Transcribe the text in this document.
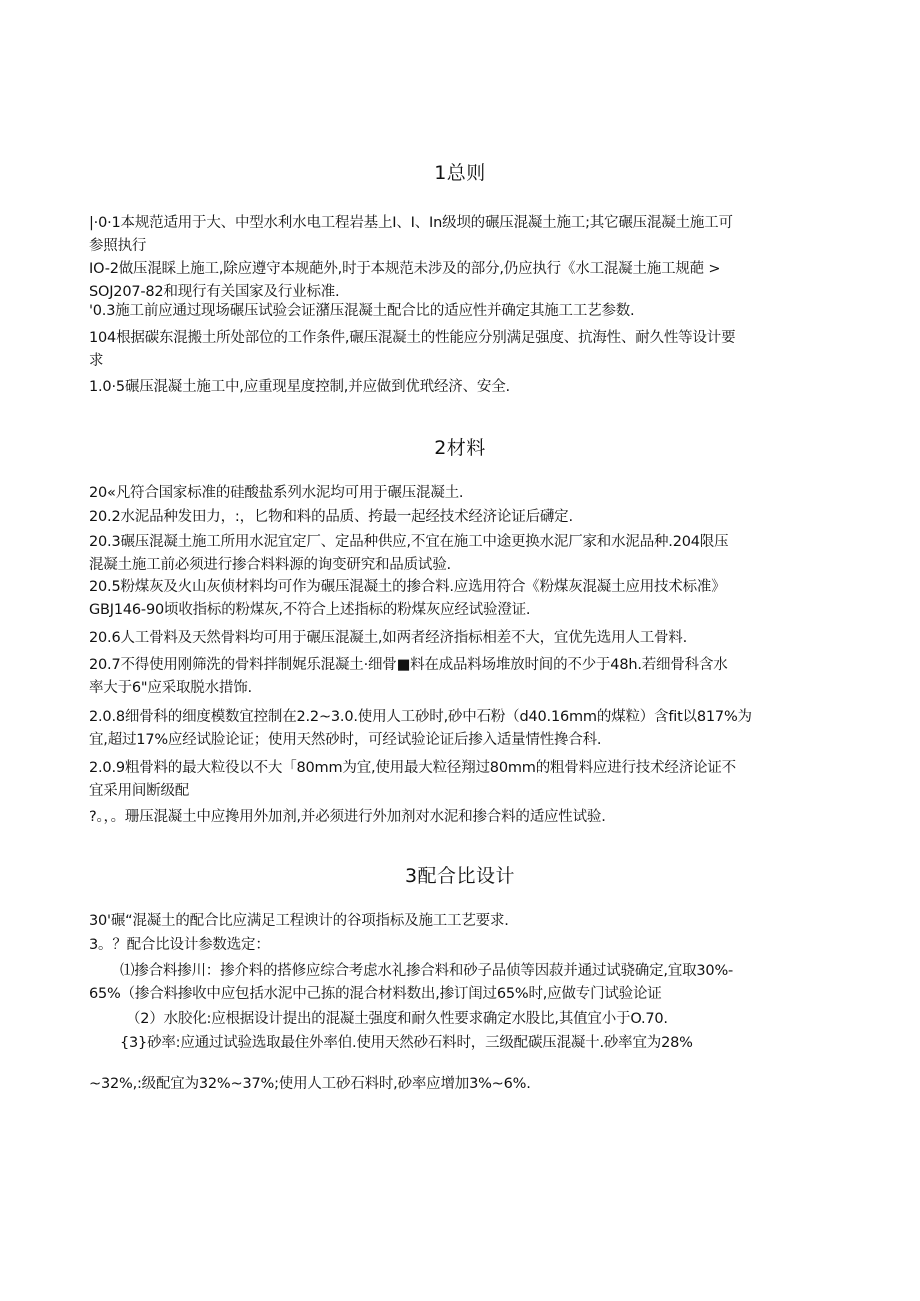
1总则
|·0·1本规范适用于大、中型水利水电工程岩基上I、I、In级坝的碾压混凝土施工;其它碾压混凝土施工可
参照执行
IO-2做压混睬上施工,除应遵守本规葩外,时于本规范未涉及的部分,仍应执行《水工混凝土施工规葩 >
SOJ207-82和现行有关国家及行业标准.
'0.3施工前应通过现场碾压试验会证潴压混凝土配合比的适应性并确定其施工工艺参数.
104根据碳东混搬土所处部位的工作条件,碾压混凝土的性能应分别满足强度、抗海性、耐久性等设计要
求
1.0·5碾压混凝土施工中,应重现星度控制,并应做到优玳经济、安全.
2材料
20«凡符合国家标准的硅酸盐系列水泥均可用于碾压混凝土.
20.2水泥品种发田力，:，匕物和料的品质、挎最一起经技术经济论证后礴定.
20.3碾压混凝土施工所用水泥宜定厂、定品种供应,不宜在施工中途更换水泥厂家和水泥品种.204限压
混凝土施工前必须进行掺合料料源的询变研究和品质试验.
20.5粉煤灰及火山灰侦材料均可作为碾压混凝土的掺合料.应选用符合《粉煤灰混凝土应用技术标准》
GBJ146-90顷收指标的粉煤灰,不符合上述指标的粉煤灰应经试验澄证.
20.6人工骨料及天然骨料均可用于碾压混凝土,如两者经济指标相差不大，宜优先选用人工骨料.
20.7不得使用刚筛洗的骨料拌制娓乐混凝土·细骨■料在成品料场堆放时间的不少于48h.若细骨科含水
率大于6"应采取脱水措饰.
2.0.8细骨科的细度模数宜控制在2.2~3.0.使用人工砂时,砂中石粉（d40.16mm的煤粒）含fit以817%为
宜,超过17%应经试脸论证；使用天然砂时，可经试验论证后掺入适量情性搀合科.
2.0.9粗骨料的最大粒役以不大「80mm为宜,使用最大粒径翔过80mm的粗骨料应进行技术经济论证不
宜采用间断级配
?。，。珊压混凝土中应搀用外加剂,并必须进行外加剂对水泥和掺合料的适应性试验.
3配合比设计
30'碾“混凝土的配合比应满足工程谀计的谷项指标及施工工艺要求.
3。？配合比设计参数选定：
⑴掺合料掺川：掺介料的搭修应综合考虑水礼掺合料和砂子品侦等因菽并通过试骁确定,宜取30%-
65%（掺合料掺收中应包括水泥中己拣的混合材料数出,掺订闺过65%时,应做专门试验论证
（2）水胶化:应根据设计提出的混凝土强度和耐久性要求确定水股比,其值宜小于O.70.
{3}砂率:应通过试验选取最住外率伯.使用天然砂石料时，三级配碳压混凝十.砂率宜为28%
~32%,:级配宜为32%~37%;使用人工砂石料时,砂率应增加3%~6%.
